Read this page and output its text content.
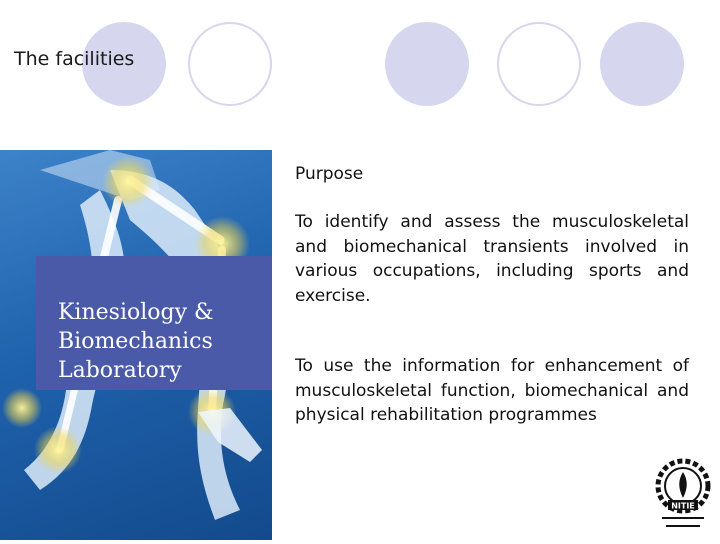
The facilities
Kinesiology &
Biomechanics
Laboratory
Purpose
To identify and assess the musculoskeletal and biomechanical transients involved in various occupations, including sports and exercise.
To use the information for enhancement of musculoskeletal function, biomechanical and physical rehabilitation programmes
NITIE
